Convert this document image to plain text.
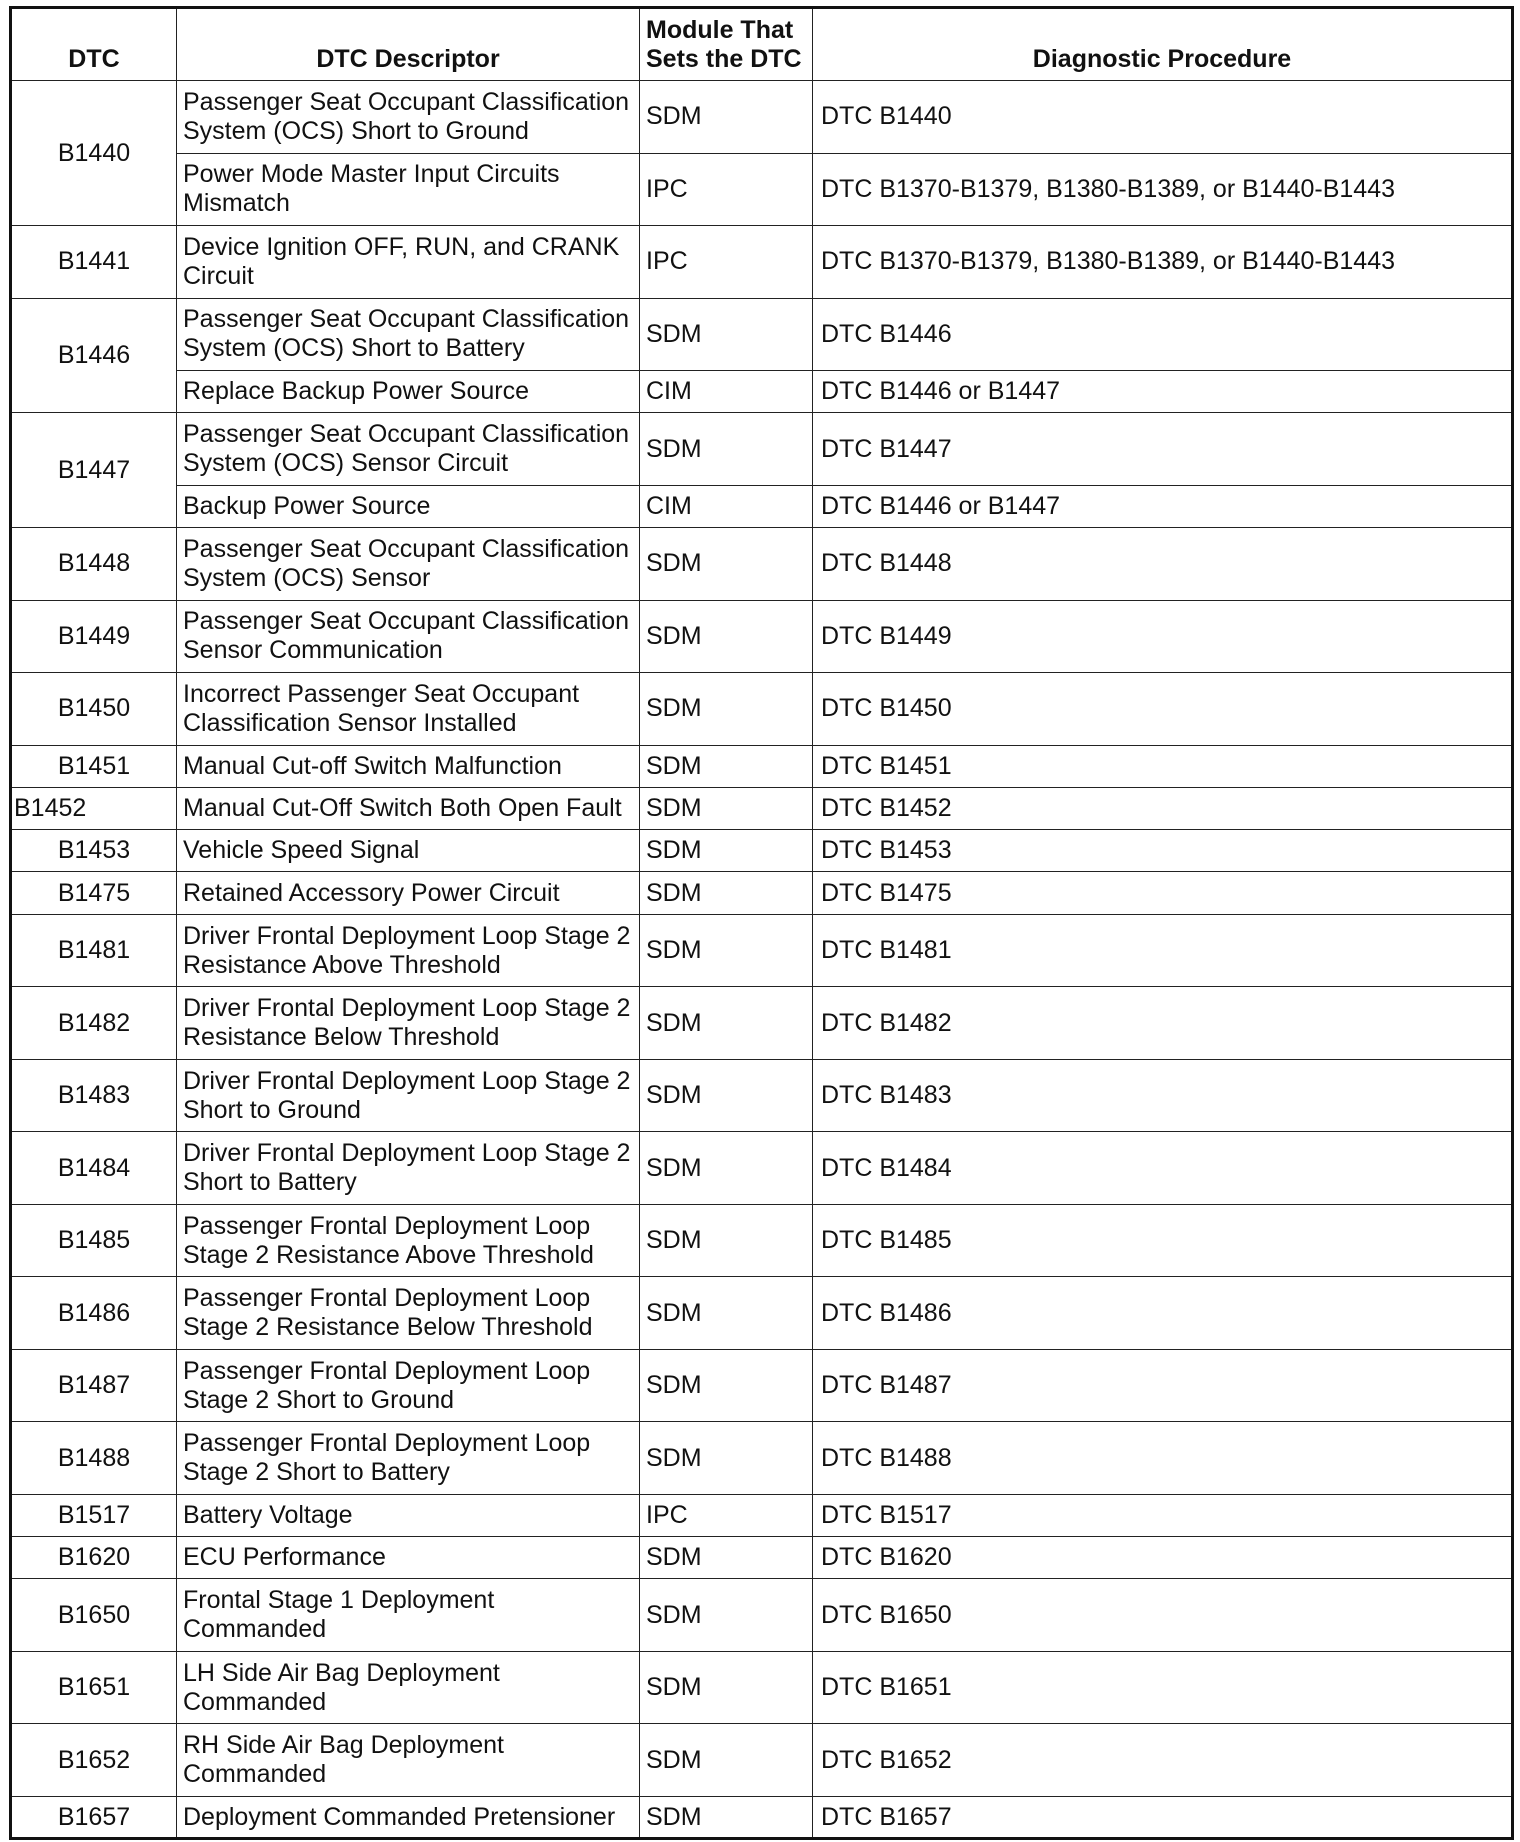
DTC	DTC Descriptor	Module That
Sets the DTC	Diagnostic Procedure
B1440	Passenger Seat Occupant Classification
System (OCS) Short to Ground	SDM	DTC B1440

	Power Mode Master Input Circuits
Mismatch	IPC	DTC B1370-B1379, B1380-B1389, or B1440-B1443
B1441	Device Ignition OFF, RUN, and CRANK
Circuit	IPC	DTC B1370-B1379, B1380-B1389, or B1440-B1443
B1446	Passenger Seat Occupant Classification
System (OCS) Short to Battery	SDM	DTC B1446

	Replace Backup Power Source	CIM	DTC B1446 or B1447
B1447	Passenger Seat Occupant Classification
System (OCS) Sensor Circuit	SDM	DTC B1447

	Backup Power Source	CIM	DTC B1446 or B1447
B1448	Passenger Seat Occupant Classification
System (OCS) Sensor	SDM	DTC B1448
B1449	Passenger Seat Occupant Classification
Sensor Communication	SDM	DTC B1449
B1450	Incorrect Passenger Seat Occupant
Classification Sensor Installed	SDM	DTC B1450
B1451	Manual Cut-off Switch Malfunction	SDM	DTC B1451
B1452	Manual Cut-Off Switch Both Open Fault	SDM	DTC B1452
B1453	Vehicle Speed Signal	SDM	DTC B1453
B1475	Retained Accessory Power Circuit	SDM	DTC B1475
B1481	Driver Frontal Deployment Loop Stage 2
Resistance Above Threshold	SDM	DTC B1481
B1482	Driver Frontal Deployment Loop Stage 2
Resistance Below Threshold	SDM	DTC B1482
B1483	Driver Frontal Deployment Loop Stage 2
Short to Ground	SDM	DTC B1483
B1484	Driver Frontal Deployment Loop Stage 2
Short to Battery	SDM	DTC B1484
B1485	Passenger Frontal Deployment Loop
Stage 2 Resistance Above Threshold	SDM	DTC B1485
B1486	Passenger Frontal Deployment Loop
Stage 2 Resistance Below Threshold	SDM	DTC B1486
B1487	Passenger Frontal Deployment Loop
Stage 2 Short to Ground	SDM	DTC B1487
B1488	Passenger Frontal Deployment Loop
Stage 2 Short to Battery	SDM	DTC B1488
B1517	Battery Voltage	IPC	DTC B1517
B1620	ECU Performance	SDM	DTC B1620
B1650	Frontal Stage 1 Deployment
Commanded	SDM	DTC B1650
B1651	LH Side Air Bag Deployment
Commanded	SDM	DTC B1651
B1652	RH Side Air Bag Deployment
Commanded	SDM	DTC B1652
B1657	Deployment Commanded Pretensioner	SDM	DTC B1657
